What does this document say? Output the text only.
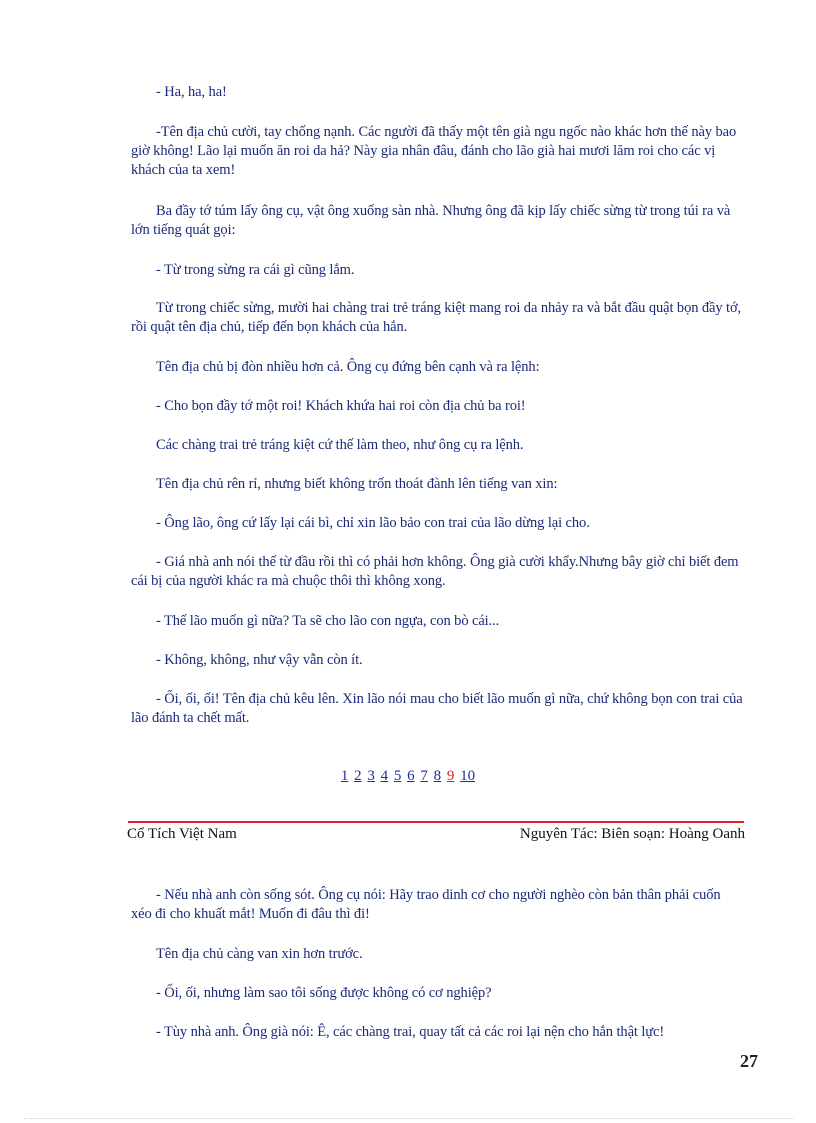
- Ha, ha, ha!

-Tên địa chủ cười, tay chống nạnh. Các người đã thấy một tên già ngu ngốc nào khác hơn thế này bao giờ không! Lão lại muốn ăn roi da hả? Này gia nhân đâu, đánh cho lão già hai mươi lăm roi cho các vị khách của ta xem!

Ba đầy tớ túm lấy ông cụ, vật ông xuống sàn nhà. Nhưng ông đã kịp lấy chiếc sừng từ trong túi ra và lớn tiếng quát gọi:

- Từ trong sừng ra cái gì cũng lắm.

Từ trong chiếc sừng, mười hai chàng trai trẻ tráng kiệt mang roi da nhảy ra và bắt đầu quật bọn đầy tớ, rồi quật tên địa chủ, tiếp đến bọn khách của hắn.

Tên địa chủ bị đòn nhiều hơn cả. Ông cụ đứng bên cạnh và ra lệnh:

- Cho bọn đầy tớ một roi! Khách khứa hai roi còn địa chủ ba roi!

Các chàng trai trẻ tráng kiệt cứ thế làm theo, như ông cụ ra lệnh.

Tên địa chủ rên rỉ, nhưng biết không trốn thoát đành lên tiếng van xin:

- Ông lão, ông cứ lấy lại cái bì, chỉ xin lão bảo con trai của lão dừng lại cho.

- Giá nhà anh nói thế từ đầu rồi thì có phải hơn không. Ông già cười khẩy.Nhưng bây giờ chỉ biết đem cái bị của người khác ra mà chuộc thôi thì không xong.

- Thế lão muốn gì nữa? Ta sẽ cho lão con ngựa, con bò cái...

- Không, không, như vậy vẫn còn ít.

- Ối, ối, ối! Tên địa chủ kêu lên. Xin lão nói mau cho biết lão muốn gì nữa, chứ không bọn con trai của lão đánh ta chết mất.

1 2 3 4 5 6 7 8 9 10
Cổ Tích Việt Nam	Nguyên Tác: Biên soạn: Hoàng Oanh

- Nếu nhà anh còn sống sót. Ông cụ nói: Hãy trao dinh cơ cho người nghèo còn bản thân phải cuốn xéo đi cho khuất mắt! Muốn đi đâu thì đi!

Tên địa chủ càng van xin hơn trước.

- Ối, ối, nhưng làm sao tôi sống được không có cơ nghiệp?

- Tùy nhà anh. Ông già nói: Ê, các chàng trai, quay tất cả các roi lại nện cho hắn thật lực!

27
